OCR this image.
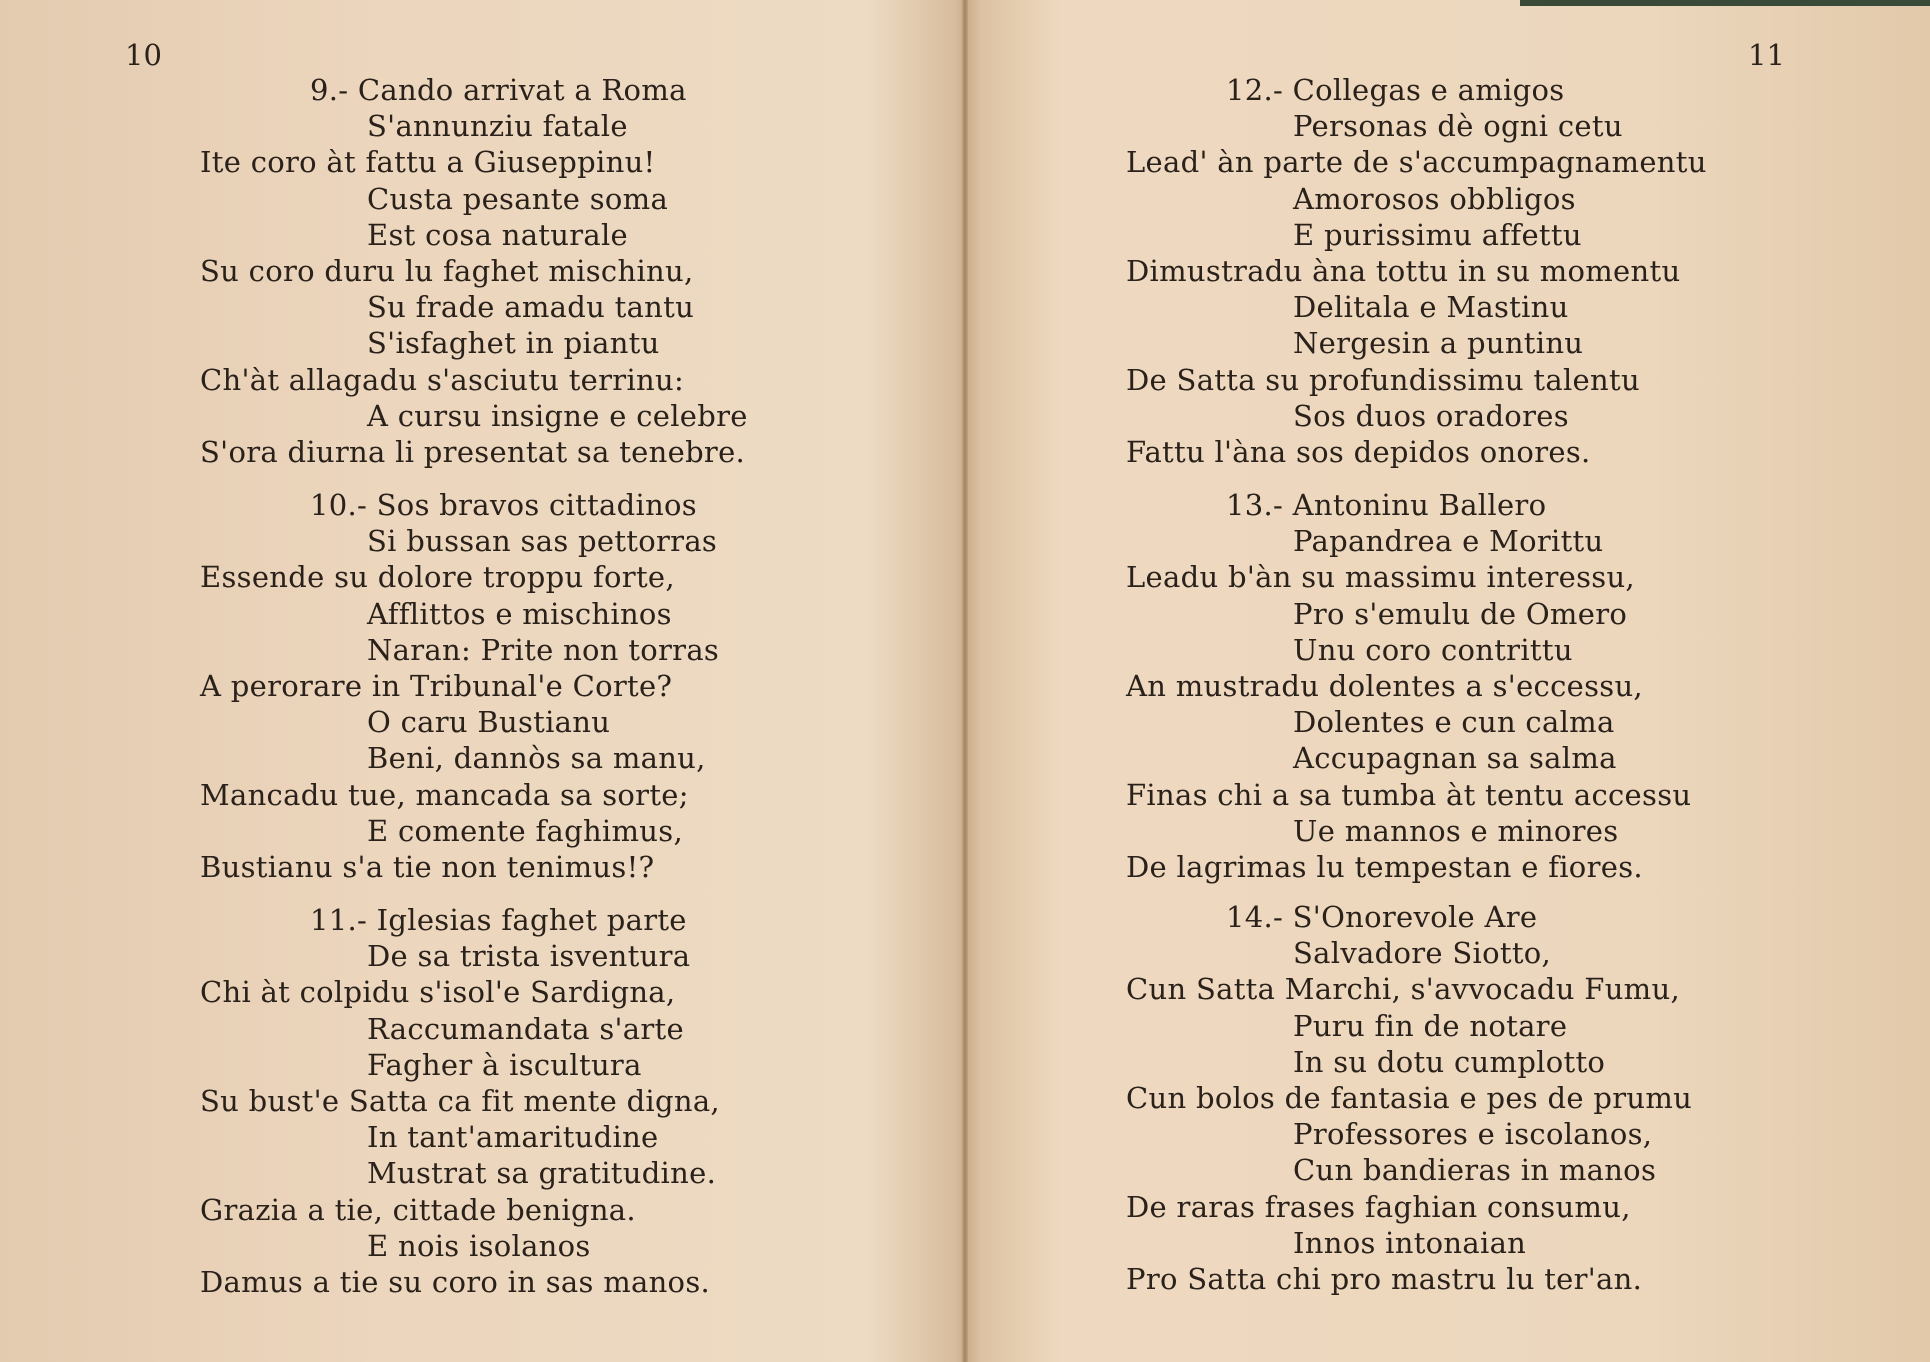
10	11
9.- Cando arrivat a Roma
S'annunziu fatale
Ite coro àt fattu a Giuseppinu!
Custa pesante soma
Est cosa naturale
Su coro duru lu faghet mischinu,
Su frade amadu tantu
S'isfaghet in piantu
Ch'àt allagadu s'asciutu terrinu:
A cursu insigne e celebre
S'ora diurna li presentat sa tenebre.
10.- Sos bravos cittadinos
Si bussan sas pettorras
Essende su dolore troppu forte,
Afflittos e mischinos
Naran: Prite non torras
A perorare in Tribunal'e Corte?
O caru Bustianu
Beni, dannòs sa manu,
Mancadu tue, mancada sa sorte;
E comente faghimus,
Bustianu s'a tie non tenimus!?
11.- Iglesias faghet parte
De sa trista isventura
Chi àt colpidu s'isol'e Sardigna,
Raccumandata s'arte
Fagher à iscultura
Su bust'e Satta ca fit mente digna,
In tant'amaritudine
Mustrat sa gratitudine.
Grazia a tie, cittade benigna.
E nois isolanos
Damus a tie su coro in sas manos.
12.- Collegas e amigos
Personas dè ogni cetu
Lead' àn parte de s'accumpagnamentu
Amorosos obbligos
E purissimu affettu
Dimustradu àna tottu in su momentu
Delitala e Mastinu
Nergesin a puntinu
De Satta su profundissimu talentu
Sos duos oradores
Fattu l'àna sos depidos onores.
13.- Antoninu Ballero
Papandrea e Morittu
Leadu b'àn su massimu interessu,
Pro s'emulu de Omero
Unu coro contrittu
An mustradu dolentes a s'eccessu,
Dolentes e cun calma
Accupagnan sa salma
Finas chi a sa tumba àt tentu accessu
Ue mannos e minores
De lagrimas lu tempestan e fiores.
14.- S'Onorevole Are
Salvadore Siotto,
Cun Satta Marchi, s'avvocadu Fumu,
Puru fin de notare
In su dotu cumplotto
Cun bolos de fantasia e pes de prumu
Professores e iscolanos,
Cun bandieras in manos
De raras frases faghian consumu,
Innos intonaian
Pro Satta chi pro mastru lu ter'an.
